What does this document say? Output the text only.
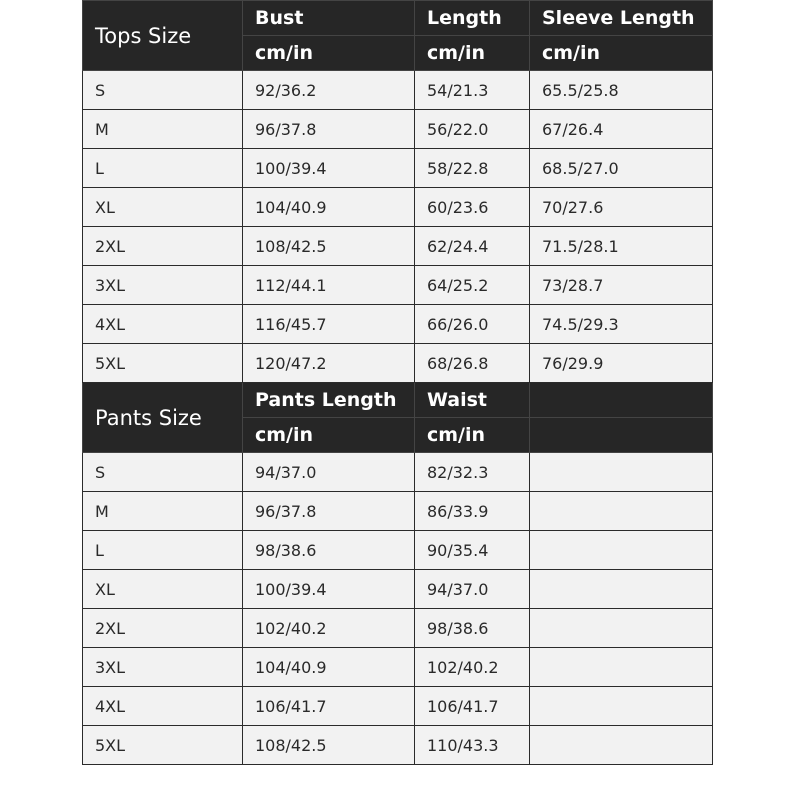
Tops Size	Bust	Length	Sleeve Length
	cm/in	cm/in	cm/in
S	92/36.2	54/21.3	65.5/25.8
M	96/37.8	56/22.0	67/26.4
L	100/39.4	58/22.8	68.5/27.0
XL	104/40.9	60/23.6	70/27.6
2XL	108/42.5	62/24.4	71.5/28.1
3XL	112/44.1	64/25.2	73/28.7
4XL	116/45.7	66/26.0	74.5/29.3
5XL	120/47.2	68/26.8	76/29.9
Pants Size	Pants Length	Waist	
	cm/in	cm/in	
S	94/37.0	82/32.3	
M	96/37.8	86/33.9	
L	98/38.6	90/35.4	
XL	100/39.4	94/37.0	
2XL	102/40.2	98/38.6	
3XL	104/40.9	102/40.2	
4XL	106/41.7	106/41.7	
5XL	108/42.5	110/43.3	
